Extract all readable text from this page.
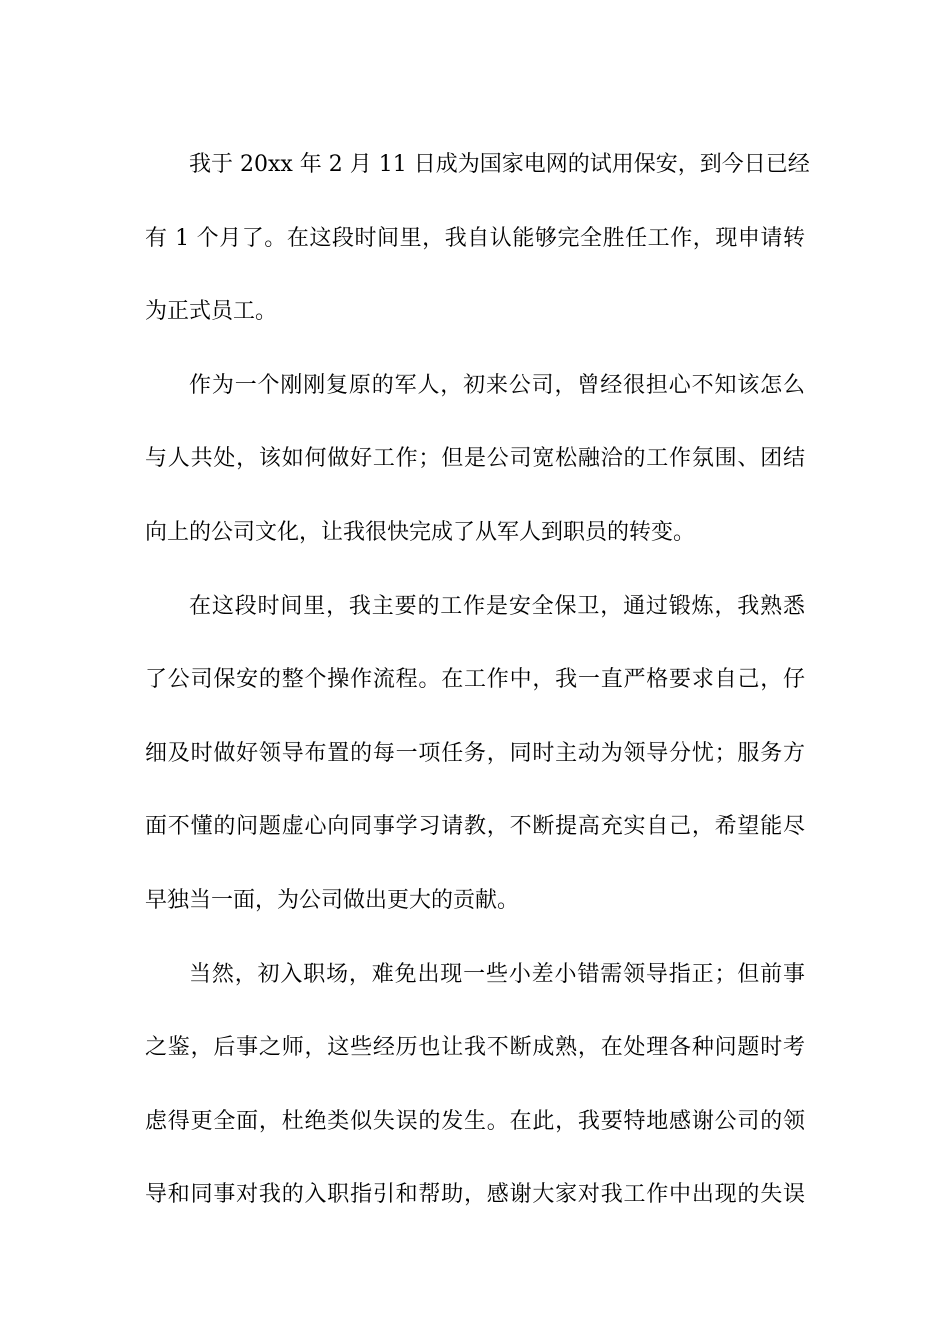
我于 20xx 年 2 月 11 日成为国家电网的试用保安，到今日已经
有 1 个月了。在这段时间里，我自认能够完全胜任工作，现申请转
为正式员工。
作为一个刚刚复原的军人，初来公司，曾经很担心不知该怎么
与人共处，该如何做好工作；但是公司宽松融洽的工作氛围、团结
向上的公司文化，让我很快完成了从军人到职员的转变。
在这段时间里，我主要的工作是安全保卫，通过锻炼，我熟悉
了公司保安的整个操作流程。在工作中，我一直严格要求自己，仔
细及时做好领导布置的每一项任务，同时主动为领导分忧；服务方
面不懂的问题虚心向同事学习请教，不断提高充实自己，希望能尽
早独当一面，为公司做出更大的贡献。
当然，初入职场，难免出现一些小差小错需领导指正；但前事
之鉴，后事之师，这些经历也让我不断成熟，在处理各种问题时考
虑得更全面，杜绝类似失误的发生。在此，我要特地感谢公司的领
导和同事对我的入职指引和帮助，感谢大家对我工作中出现的失误
